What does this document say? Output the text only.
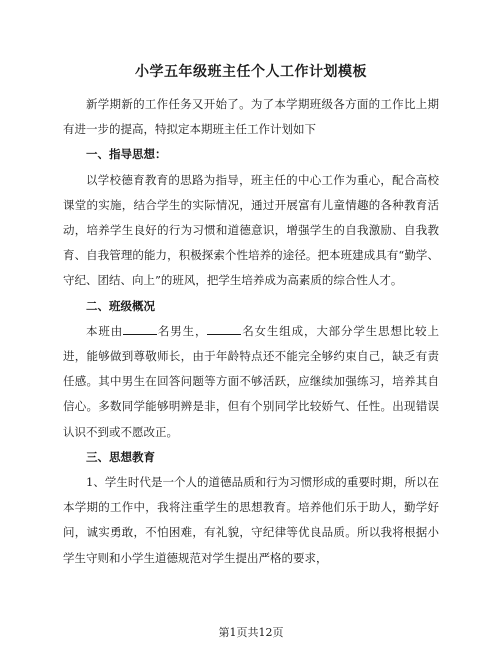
小学五年级班主任个人工作计划模板

新学期新的工作任务又开始了。为了本学期班级各方面的工作比上期有进一步的提高，特拟定本期班主任工作计划如下

一、指导思想：

以学校德育教育的思路为指导，班主任的中心工作为重心，配合高校课堂的实施，结合学生的实际情况，通过开展富有儿童情趣的各种教育活动，培养学生良好的行为习惯和道德意识，增强学生的自我激励、自我教育、自我管理的能力，积极探索个性培养的途径。把本班建成具有“勤学、守纪、团结、向上”的班风，把学生培养成为高素质的综合性人才。

二、班级概况

本班由	名男生，	名女生组成，大部分学生思想比较上进，能够做到尊敬师长，由于年龄特点还不能完全够约束自己，缺乏有责任感。其中男生在回答问题等方面不够活跃，应继续加强练习，培养其自信心。多数同学能够明辨是非，但有个别同学比较娇气、任性。出现错误认识不到或不愿改正。

三、思想教育

1、学生时代是一个人的道德品质和行为习惯形成的重要时期，所以在本学期的工作中，我将注重学生的思想教育。培养他们乐于助人，勤学好问，诚实勇敢，不怕困难，有礼貌，守纪律等优良品质。所以我将根据小学生守则和小学生道德规范对学生提出严格的要求，

第1页共12页
